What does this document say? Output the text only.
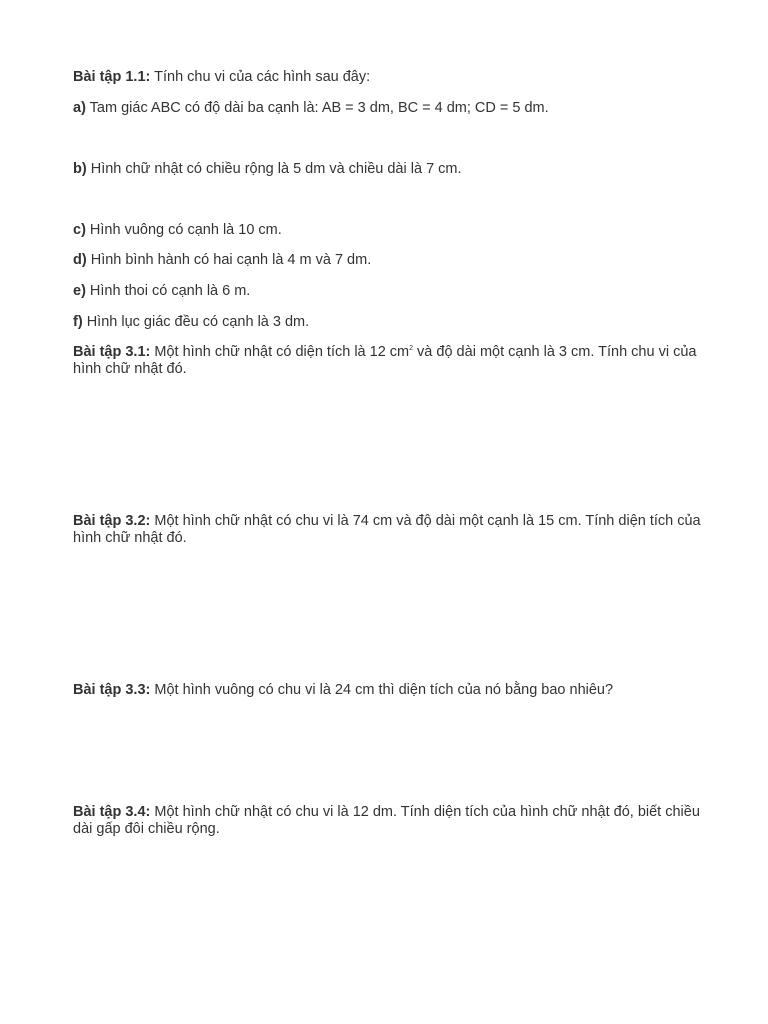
Bài tập 1.1: Tính chu vi của các hình sau đây:

a) Tam giác ABC có độ dài ba cạnh là: AB = 3 dm, BC = 4 dm; CD = 5 dm.

b) Hình chữ nhật có chiều rộng là 5 dm và chiều dài là 7 cm.

c) Hình vuông có cạnh là 10 cm.

d) Hình bình hành có hai cạnh là 4 m và 7 dm.

e) Hình thoi có cạnh là 6 m.

f) Hình lục giác đều có cạnh là 3 dm.

Bài tập 3.1: Một hình chữ nhật có diện tích là 12 $cm^2$ và độ dài một cạnh là 3 cm. Tính chu vi của hình chữ nhật đó.

Bài tập 3.2: Một hình chữ nhật có chu vi là 74 cm và độ dài một cạnh là 15 cm. Tính diện tích của hình chữ nhật đó.

Bài tập 3.3: Một hình vuông có chu vi là 24 cm thì diện tích của nó bằng bao nhiêu?

Bài tập 3.4: Một hình chữ nhật có chu vi là 12 dm. Tính diện tích của hình chữ nhật đó, biết chiều dài gấp đôi chiều rộng.
